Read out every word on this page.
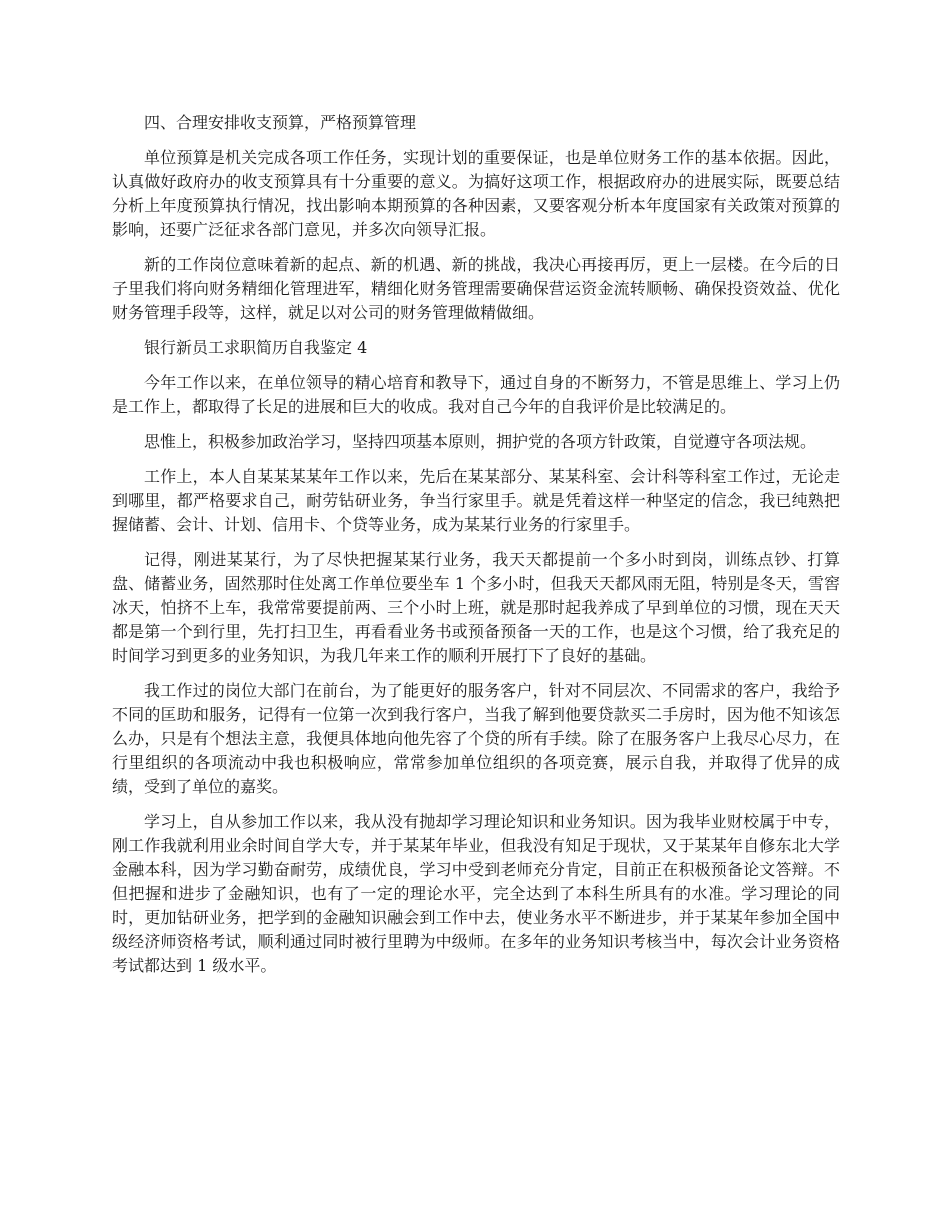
四、合理安排收支预算，严格预算管理

单位预算是机关完成各项工作任务，实现计划的重要保证，也是单位财务工作的基本依据。因此，认真做好政府办的收支预算具有十分重要的意义。为搞好这项工作，根据政府办的进展实际，既要总结分析上年度预算执行情况，找出影响本期预算的各种因素，又要客观分析本年度国家有关政策对预算的影响，还要广泛征求各部门意见，并多次向领导汇报。

新的工作岗位意味着新的起点、新的机遇、新的挑战，我决心再接再厉，更上一层楼。在今后的日子里我们将向财务精细化管理进军，精细化财务管理需要确保营运资金流转顺畅、确保投资效益、优化财务管理手段等，这样，就足以对公司的财务管理做精做细。

银行新员工求职简历自我鉴定 4

今年工作以来，在单位领导的精心培育和教导下，通过自身的不断努力，不管是思维上、学习上仍是工作上，都取得了长足的进展和巨大的收成。我对自己今年的自我评价是比较满足的。

思惟上，积极参加政治学习，坚持四项基本原则，拥护党的各项方针政策，自觉遵守各项法规。

工作上，本人自某某某某年工作以来，先后在某某部分、某某科室、会计科等科室工作过，无论走到哪里，都严格要求自己，耐劳钻研业务，争当行家里手。就是凭着这样一种坚定的信念，我已纯熟把握储蓄、会计、计划、信用卡、个贷等业务，成为某某行业务的行家里手。

记得，刚进某某行，为了尽快把握某某行业务，我天天都提前一个多小时到岗，训练点钞、打算盘、储蓄业务，固然那时住处离工作单位要坐车 1 个多小时，但我天天都风雨无阻，特别是冬天，雪窖冰天，怕挤不上车，我常常要提前两、三个小时上班，就是那时起我养成了早到单位的习惯，现在天天都是第一个到行里，先打扫卫生，再看看业务书或预备预备一天的工作，也是这个习惯，给了我充足的时间学习到更多的业务知识，为我几年来工作的顺利开展打下了良好的基础。

我工作过的岗位大部门在前台，为了能更好的服务客户，针对不同层次、不同需求的客户，我给予不同的匡助和服务，记得有一位第一次到我行客户，当我了解到他要贷款买二手房时，因为他不知该怎么办，只是有个想法主意，我便具体地向他先容了个贷的所有手续。除了在服务客户上我尽心尽力，在行里组织的各项流动中我也积极响应，常常参加单位组织的各项竞赛，展示自我，并取得了优异的成绩，受到了单位的嘉奖。

学习上，自从参加工作以来，我从没有抛却学习理论知识和业务知识。因为我毕业财校属于中专，刚工作我就利用业余时间自学大专，并于某某年毕业，但我没有知足于现状，又于某某年自修东北大学金融本科，因为学习勤奋耐劳，成绩优良，学习中受到老师充分肯定，目前正在积极预备论文答辩。不但把握和进步了金融知识，也有了一定的理论水平，完全达到了本科生所具有的水准。学习理论的同时，更加钻研业务，把学到的金融知识融会到工作中去，使业务水平不断进步，并于某某年参加全国中级经济师资格考试，顺利通过同时被行里聘为中级师。在多年的业务知识考核当中，每次会计业务资格考试都达到 1 级水平。
